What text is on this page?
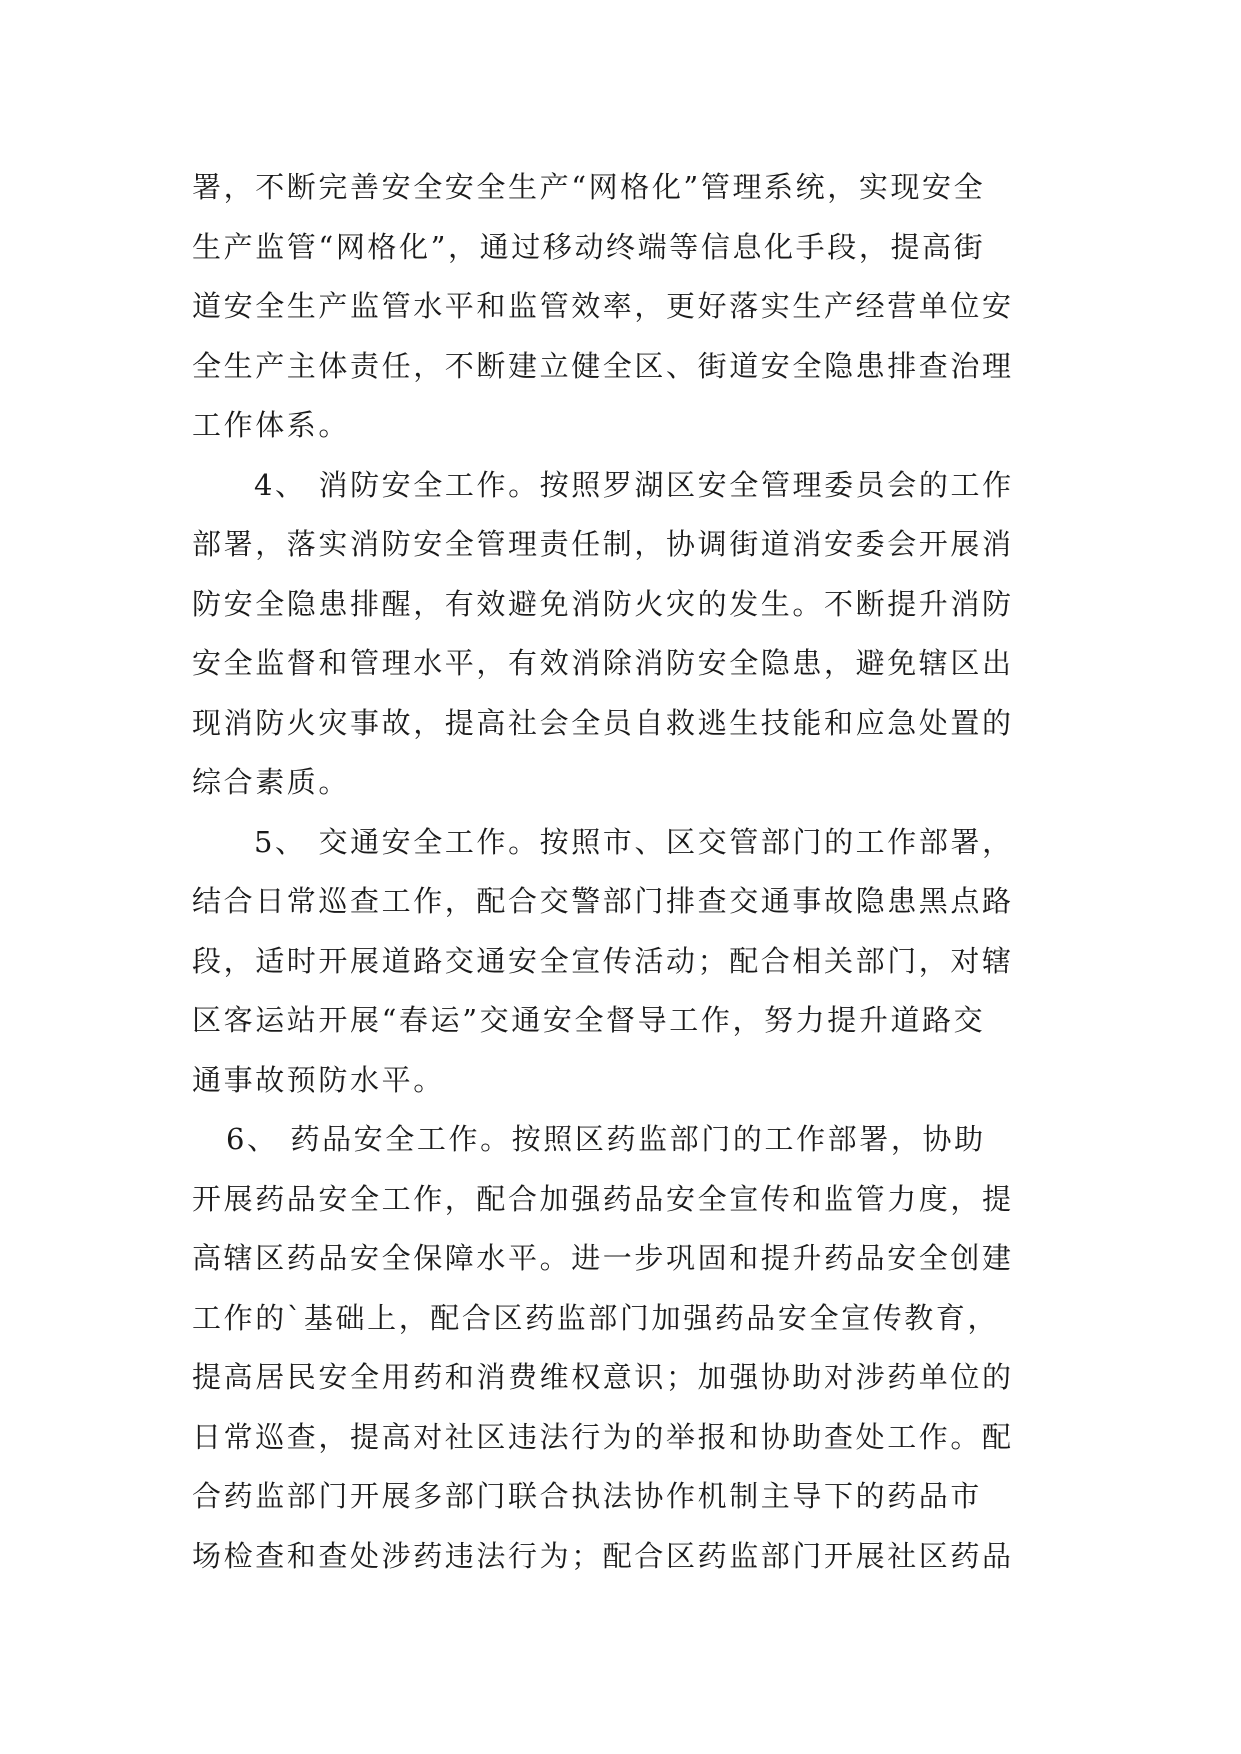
署，不断完善安全安全生产“网格化”管理系统，实现安全
生产监管“网格化”，通过移动终端等信息化手段，提高街
道安全生产监管水平和监管效率，更好落实生产经营单位安
全生产主体责任，不断建立健全区、街道安全隐患排查治理
工作体系。
4、 消防安全工作。按照罗湖区安全管理委员会的工作
部署，落实消防安全管理责任制，协调街道消安委会开展消
防安全隐患排醒，有效避免消防火灾的发生。不断提升消防
安全监督和管理水平，有效消除消防安全隐患，避免辖区出
现消防火灾事故，提高社会全员自救逃生技能和应急处置的
综合素质。
5、 交通安全工作。按照市、区交管部门的工作部署，
结合日常巡查工作，配合交警部门排查交通事故隐患黑点路
段，适时开展道路交通安全宣传活动；配合相关部门，对辖
区客运站开展“春运”交通安全督导工作，努力提升道路交
通事故预防水平。
6、 药品安全工作。按照区药监部门的工作部署，协助
开展药品安全工作，配合加强药品安全宣传和监管力度，提
高辖区药品安全保障水平。进一步巩固和提升药品安全创建
工作的`基础上，配合区药监部门加强药品安全宣传教育，
提高居民安全用药和消费维权意识；加强协助对涉药单位的
日常巡查，提高对社区违法行为的举报和协助查处工作。配
合药监部门开展多部门联合执法协作机制主导下的药品市
场检查和查处涉药违法行为；配合区药监部门开展社区药品
